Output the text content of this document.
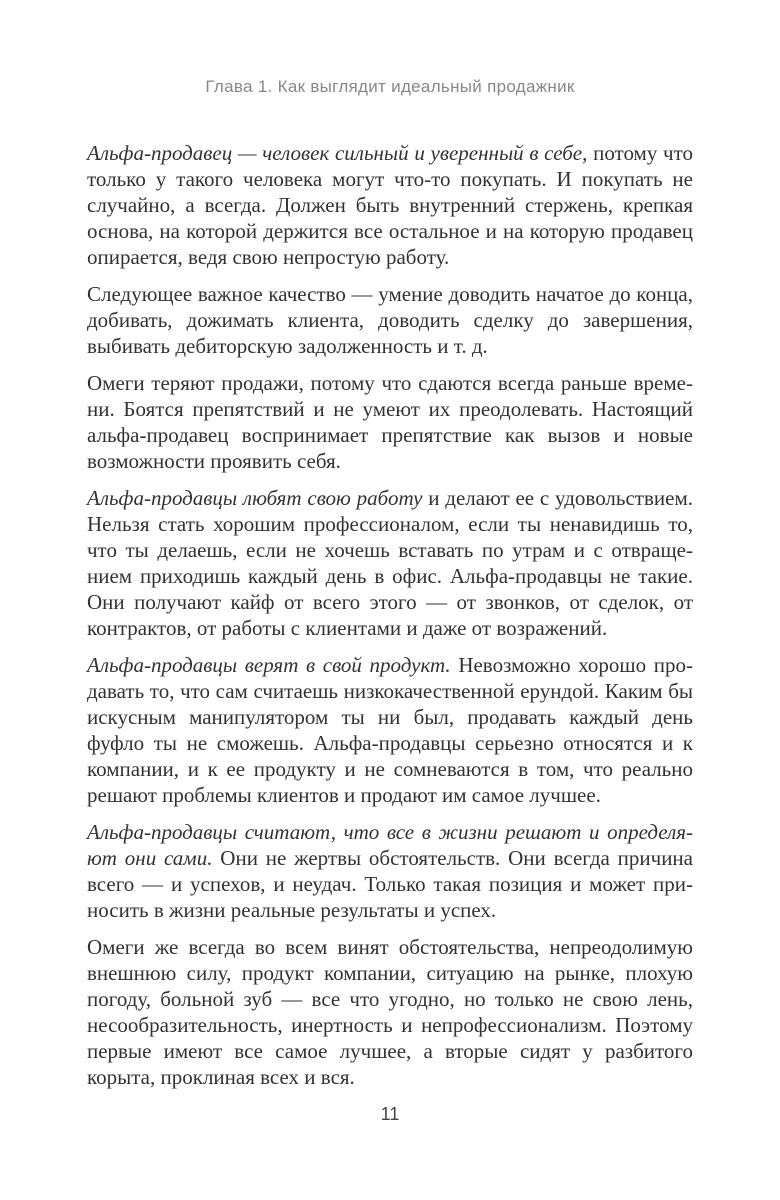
Глава 1. Как выглядит идеальный продажник

Альфа-продавец — человек сильный и уверенный в себе, потому что только у такого человека могут что-то покупать. И покупать не случайно, а всегда. Должен быть внутренний стержень, крепкая основа, на которой держится все остальное и на которую продавец опирается, ведя свою непростую работу.

Следующее важное качество — умение доводить начатое до конца, добивать, дожимать клиента, доводить сделку до завершения, выбивать дебиторскую задолженность и т. д.

Омеги теряют продажи, потому что сдаются всегда раньше времени. Боятся препятствий и не умеют их преодолевать. Настоящий альфа-продавец воспринимает препятствие как вызов и новые возможности проявить себя.

Альфа-продавцы любят свою работу и делают ее с удовольствием. Нельзя стать хорошим профессионалом, если ты ненавидишь то, что ты делаешь, если не хочешь вставать по утрам и с отвращением приходишь каждый день в офис. Альфа-продавцы не такие. Они получают кайф от всего этого — от звонков, от сделок, от контрактов, от работы с клиентами и даже от возражений.

Альфа-продавцы верят в свой продукт. Невозможно хорошо продавать то, что сам считаешь низкокачественной ерундой. Каким бы искусным манипулятором ты ни был, продавать каждый день фуфло ты не сможешь. Альфа-продавцы серьезно относятся и к компании, и к ее продукту и не сомневаются в том, что реально решают проблемы клиентов и продают им самое лучшее.

Альфа-продавцы считают, что все в жизни решают и определяют они сами. Они не жертвы обстоятельств. Они всегда причина всего — и успехов, и неудач. Только такая позиция и может приносить в жизни реальные результаты и успех.

Омеги же всегда во всем винят обстоятельства, непреодолимую внешнюю силу, продукт компании, ситуацию на рынке, плохую погоду, больной зуб — все что угодно, но только не свою лень, несообразительность, инертность и непрофессионализм. Поэтому первые имеют все самое лучшее, а вторые сидят у разбитого корыта, проклиная всех и вся.

11
